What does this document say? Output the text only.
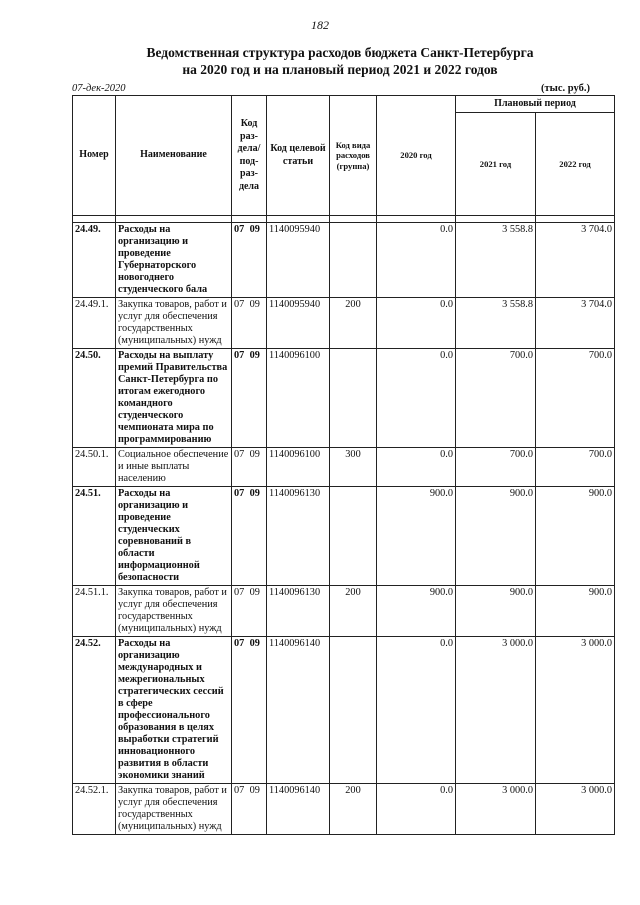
182
Ведомственная структура расходов бюджета Санкт-Петербурга
на 2020 год и на плановый период 2021 и 2022 годов
07-дек-2020	(тыс. руб.)
Номер	Наименование	Код раз-дела/ под-раз-дела	Код целевой статьи	Код вида расходов (группа)	2020 год	Плановый период	
						2021 год	2022 год

24.49.	Расходы на организацию и проведение Губернаторского новогоднего студенческого бала	07 09	1140095940		0.0	3 558.8	3 704.0
24.49.1.	Закупка товаров, работ и услуг для обеспечения государственных (муниципальных) нужд	07 09	1140095940	200	0.0	3 558.8	3 704.0
24.50.	Расходы на выплату премий Правительства Санкт-Петербурга по итогам ежегодного командного студенческого чемпионата мира по программированию	07 09	1140096100		0.0	700.0	700.0
24.50.1.	Социальное обеспечение и иные выплаты населению	07 09	1140096100	300	0.0	700.0	700.0
24.51.	Расходы на организацию и проведение студенческих соревнований в области информационной безопасности	07 09	1140096130		900.0	900.0	900.0
24.51.1.	Закупка товаров, работ и услуг для обеспечения государственных (муниципальных) нужд	07 09	1140096130	200	900.0	900.0	900.0
24.52.	Расходы на организацию международных и межрегиональных стратегических сессий в сфере профессионального образования в целях выработки стратегий инновационного развития в области экономики знаний	07 09	1140096140		0.0	3 000.0	3 000.0
24.52.1.	Закупка товаров, работ и услуг для обеспечения государственных (муниципальных) нужд	07 09	1140096140	200	0.0	3 000.0	3 000.0
